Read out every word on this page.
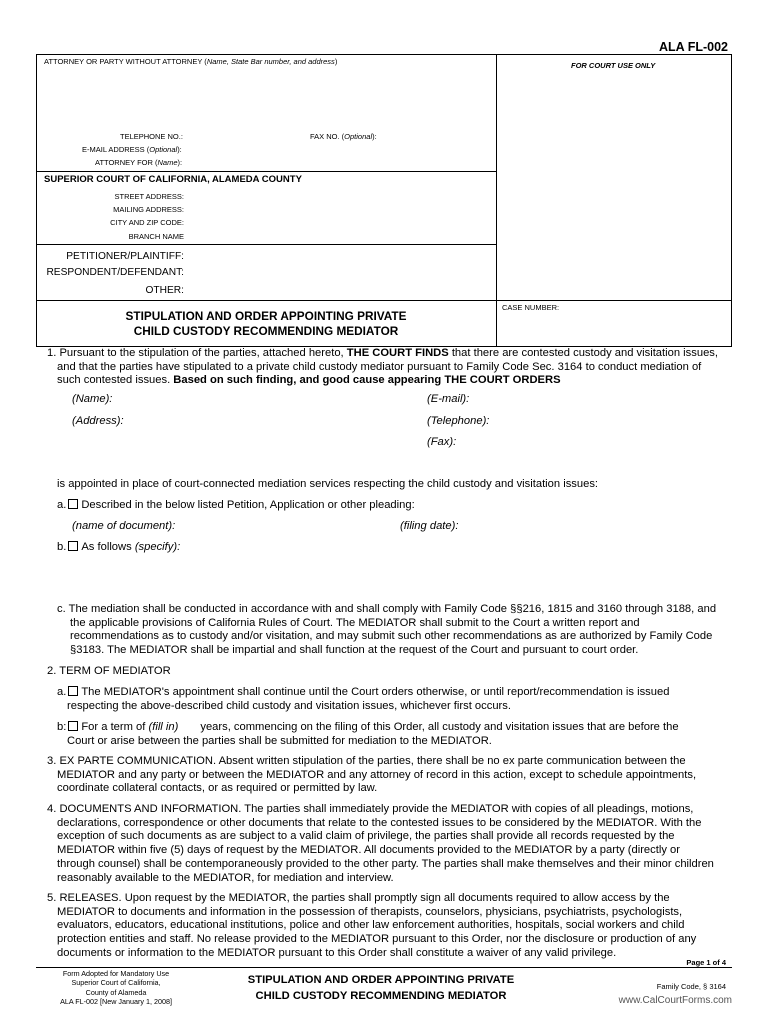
ALA FL-002
ATTORNEY OR PARTY WITHOUT ATTORNEY (Name, State Bar number, and address)	FOR COURT USE ONLY
TELEPHONE NO.:	FAX NO. (Optional):
E-MAIL ADDRESS (Optional):
ATTORNEY FOR (Name):
SUPERIOR COURT OF CALIFORNIA, ALAMEDA COUNTY
STREET ADDRESS:
MAILING ADDRESS:
CITY AND ZIP CODE:
BRANCH NAME
PETITIONER/PLAINTIFF:
RESPONDENT/DEFENDANT:
OTHER:
STIPULATION AND ORDER APPOINTING PRIVATE
CHILD CUSTODY RECOMMENDING MEDIATOR
CASE NUMBER:
1. Pursuant to the stipulation of the parties, attached hereto, THE COURT FINDS that there are contested custody and visitation issues,
and that the parties have stipulated to a private child custody mediator pursuant to Family Code Sec. 3164 to conduct mediation of
such contested issues. Based on such finding, and good cause appearing THE COURT ORDERS
(Name):
(Address):
(E-mail):
(Telephone):
(Fax):
is appointed in place of court-connected mediation services respecting the child custody and visitation issues:
a. Described in the below listed Petition, Application or other pleading:
(name of document):	(filing date):
b. As follows (specify):
c. The mediation shall be conducted in accordance with and shall comply with Family Code §§216, 1815 and 3160 through 3188, and
the applicable provisions of California Rules of Court. The MEDIATOR shall submit to the Court a written report and
recommendations as to custody and/or visitation, and may submit such other recommendations as are authorized by Family Code
§3183. The MEDIATOR shall be impartial and shall function at the request of the Court and pursuant to court order.
2. TERM OF MEDIATOR
a. The MEDIATOR's appointment shall continue until the Court orders otherwise, or until report/recommendation is issued
respecting the above-described child custody and visitation issues, whichever first occurs.
b: For a term of (fill in) years, commencing on the filing of this Order, all custody and visitation issues that are before the
Court or arise between the parties shall be submitted for mediation to the MEDIATOR.
3. EX PARTE COMMUNICATION. Absent written stipulation of the parties, there shall be no ex parte communication between the
MEDIATOR and any party or between the MEDIATOR and any attorney of record in this action, except to schedule appointments,
coordinate collateral contacts, or as required or permitted by law.
4. DOCUMENTS AND INFORMATION. The parties shall immediately provide the MEDIATOR with copies of all pleadings, motions,
declarations, correspondence or other documents that relate to the contested issues to be considered by the MEDIATOR. With the
exception of such documents as are subject to a valid claim of privilege, the parties shall provide all records requested by the
MEDIATOR within five (5) days of request by the MEDIATOR. All documents provided to the MEDIATOR by a party (directly or
through counsel) shall be contemporaneously provided to the other party. The parties shall make themselves and their minor children
reasonably available to the MEDIATOR, for mediation and interview.
5. RELEASES. Upon request by the MEDIATOR, the parties shall promptly sign all documents required to allow access by the
MEDIATOR to documents and information in the possession of therapists, counselors, physicians, psychiatrists, psychologists,
evaluators, educators, educational institutions, police and other law enforcement authorities, hospitals, social workers and child
protection entities and staff. No release provided to the MEDIATOR pursuant to this Order, nor the disclosure or production of any
documents or information to the MEDIATOR pursuant to this Order shall constitute a waiver of any valid privilege.
Page 1 of 4
Form Adopted for Mandatory Use
Superior Court of California,
County of Alameda
ALA FL-002 [New January 1, 2008]
STIPULATION AND ORDER APPOINTING PRIVATE
CHILD CUSTODY RECOMMENDING MEDIATOR
Family Code, § 3164
www.CalCourtForms.com
